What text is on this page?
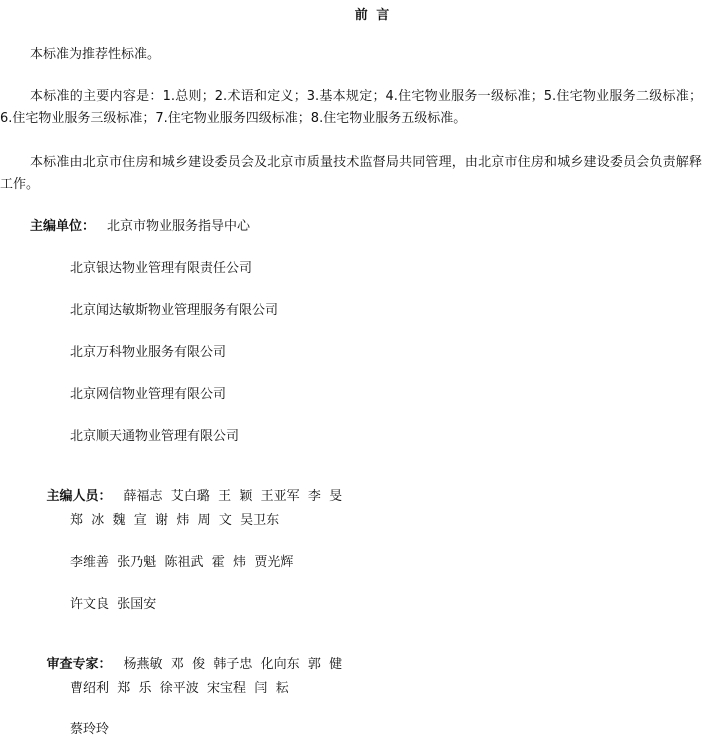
前 言
本标准为推荐性标准。
本标准的主要内容是：1.总则；2.术语和定义；3.基本规定；4.住宅物业服务一级标准；5.住宅物业服务二级标准；6.住宅物业服务三级标准；7.住宅物业服务四级标准；8.住宅物业服务五级标准。
本标准由北京市住房和城乡建设委员会及北京市质量技术监督局共同管理，由北京市住房和城乡建设委员会负责解释工作。
主编单位： 北京市物业服务指导中心
北京银达物业管理有限责任公司
北京闻达敏斯物业管理服务有限公司
北京万科物业服务有限公司
北京网信物业管理有限公司
北京顺天通物业管理有限公司

主编人员： 薛福志  艾白璐  王  颖  王亚军  李  旻

郑  冰  魏  宣  谢  炜  周  文  吴卫东
李维善  张乃魁  陈祖武  霍  炜  贾光辉
许文良  张国安

审查专家： 杨燕敏  邓  俊  韩子忠  化向东  郭  健

曹绍利  郑  乐  徐平波  宋宝程  闫  耘
蔡玲玲
